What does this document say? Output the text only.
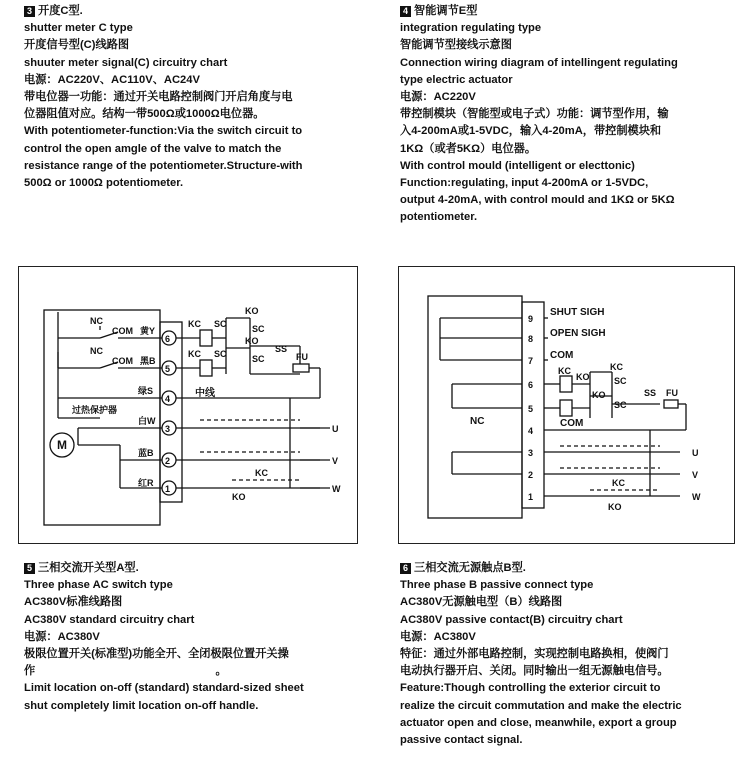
3 开度C型.
shutter meter C type
开度信号型(C)线路图
shuuter meter signal(C) circuitry chart
电源：AC220V、AC110V、AC24V
带电位器一功能：通过开关电路控制阀门开启角度与电
位器阻值对应。结构一带500Ω或1000Ω电位器。
With potentiometer-function:Via the switch circuit to
control the open amgle of the valve to match the
resistance range of the potentiometer.Structure-with
500Ω or 1000Ω potentiometer.
4 智能调节E型
integration regulating type
智能调节型接线示意图
Connection wiring diagram of intellingent regulating
type electric actuator
电源：AC220V
带控制模块（智能型或电子式）功能：调节型作用，输
入4-200mA或1-5VDC，输入4-20mA，带控制模块和
1KΩ（或者5KΩ）电位器。
With control mould (intelligent or electtonic)
Function:regulating, input 4-200mA or 1-5VDC,
output 4-20mA, with control mould and 1KΩ or 5KΩ
potentiometer.
5 三相交流开关型A型.
Three phase AC switch type
AC380V标准线路图
AC380V standard circuitry chart
电源：AC380V
极限位置开关(标准型)功能全开、全闭极限位置开关操
作                                                          。
Limit location on-off (standard) standard-sized sheet
shut completely limit location on-off handle.
6 三相交流无源触点B型.
Three phase B passive connect type
AC380V无源触电型（B）线路图
AC380V passive contact(B) circuitry chart
电源：AC380V
特征：通过外部电路控制，实现控制电路换相，使阀门
电动执行器开启、关闭。同时输出一组无源触电信号。
Feature:Though controlling the exterior circuit to
realize the circuit commutation and make the electric
actuator open and close, meanwhile, export a group
passive contact signal.
M
6
5
4
3
2
1
NC
COM 黄Y
NC
COM 黑B
绿S	中线
过热保护器
白W
蓝B
红R
KC
KO
SC	SC
KC
KO
SC	SC
SS
FU
U
V
W
KC
KO
9
8
7
6
5
4
3
2
1
SHUT SIGH
OPEN SIGH
COM
NC	COM
KC
KO
KO
KC
SC
SC
SS FU
U
V
W
KC
KO
